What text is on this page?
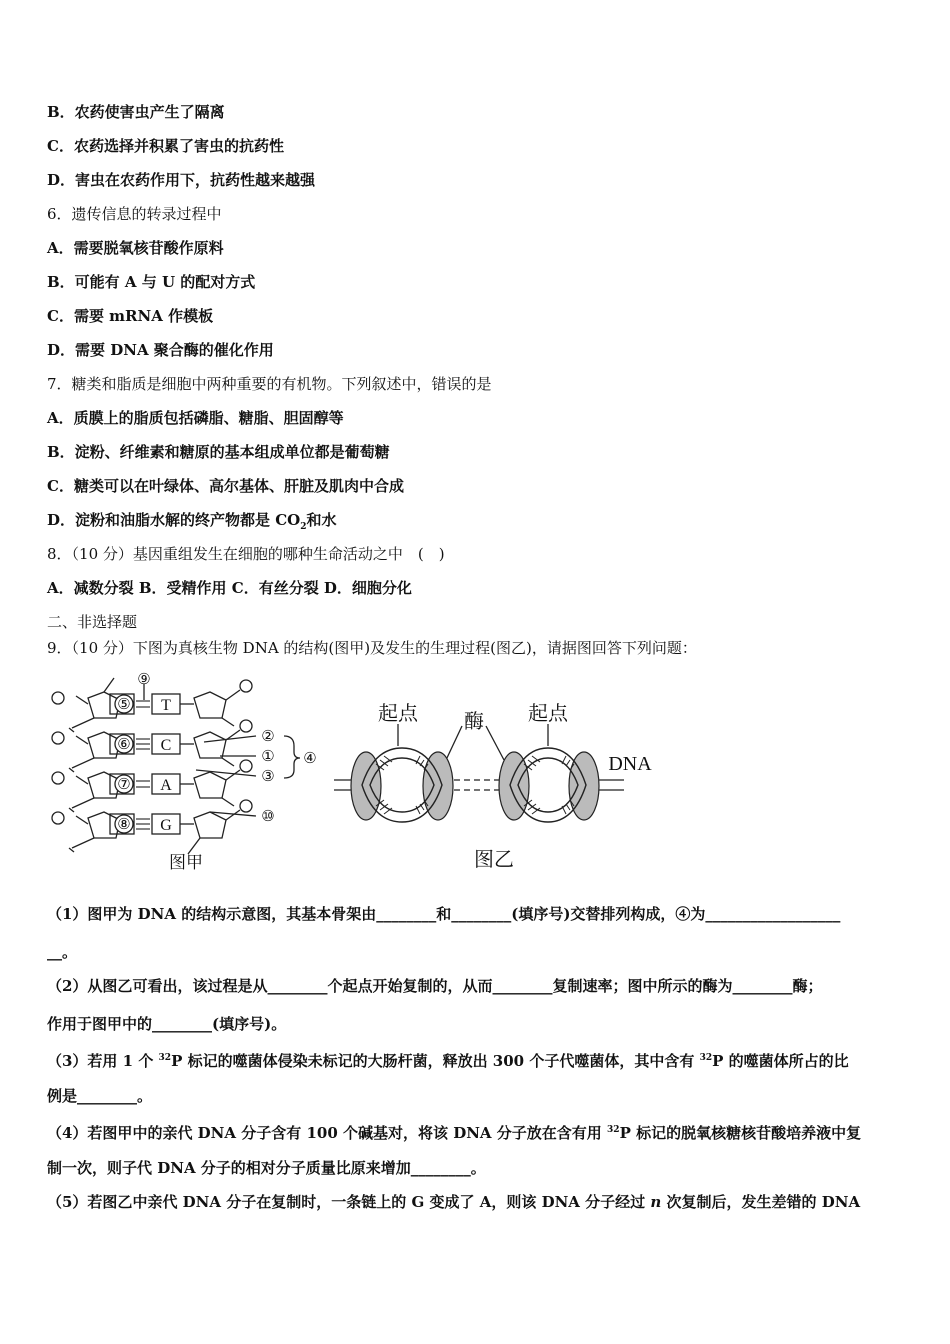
B．农药使害虫产生了隔离
C．农药选择并积累了害虫的抗药性
D．害虫在农药作用下，抗药性越来越强
6．遗传信息的转录过程中
A．需要脱氧核苷酸作原料
B．可能有 A 与 U 的配对方式
C．需要 mRNA 作模板
D．需要 DNA 聚合酶的催化作用
7．糖类和脂质是细胞中两种重要的有机物。下列叙述中，错误的是
A．质膜上的脂质包括磷脂、糖脂、胆固醇等
B．淀粉、纤维素和糖原的基本组成单位都是葡萄糖
C．糖类可以在叶绿体、高尔基体、肝脏及肌肉中合成
D．淀粉和油脂水解的终产物都是 $CO_2$和水
8．（10 分）基因重组发生在细胞的哪种生命活动之中　(　)
A．减数分裂 B．受精作用 C．有丝分裂 D．细胞分化
二、非选择题
9．（10 分）下图为真核生物 DNA 的结构(图甲)及发生的生理过程(图乙)，请据图回答下列问题：
⑤
⑥
⑦
⑧
T
C
A
G
⑨
②
①
③
④
⑩
图甲
起点 酶 起点
DNA
图乙
（1）图甲为 DNA 的结构示意图，其基本骨架由________和________(填序号)交替排列构成，④为__________________
__。
（2）从图乙可看出，该过程是从________个起点开始复制的，从而________复制速率；图中所示的酶为________酶；
作用于图甲中的________(填序号)。
（3）若用 1 个 $^{32}$P 标记的噬菌体侵染未标记的大肠杆菌，释放出 300 个子代噬菌体，其中含有 $^{32}$P 的噬菌体所占的比
例是________。
（4）若图甲中的亲代 DNA 分子含有 100 个碱基对，将该 DNA 分子放在含有用 $^{32}$P 标记的脱氧核糖核苷酸培养液中复
制一次，则子代 DNA 分子的相对分子质量比原来增加________。
（5）若图乙中亲代 DNA 分子在复制时，一条链上的 G 变成了 A，则该 DNA 分子经过 n 次复制后，发生差错的 DNA
